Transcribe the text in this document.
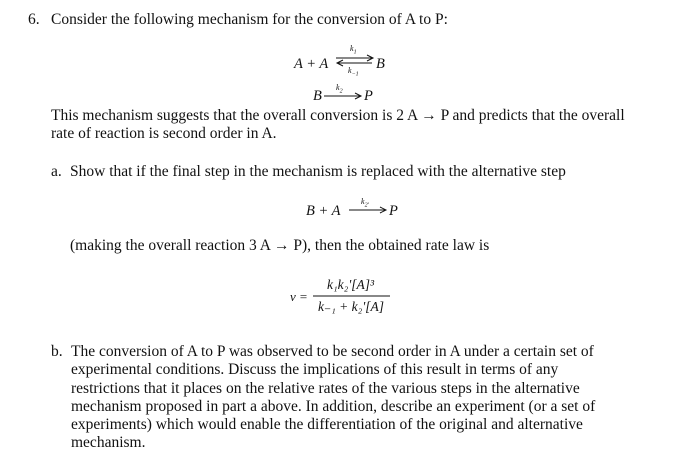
6. Consider the following mechanism for the conversion of A to P:
A + A
$k_1$
$k_{-1}$
B
B
$k_2$ P
This mechanism suggests that the overall conversion is 2 A → P and predicts that the overall
rate of reaction is second order in A.
a. Show that if the final step in the mechanism is replaced with the alternative step
B + A
$k_{2'}$ P
(making the overall reaction 3 A → P), then the obtained rate law is
v =
k₁k₂'[A]³
k₋₁ + k₂'[A]
b. The conversion of A to P was observed to be second order in A under a certain set of
experimental conditions. Discuss the implications of this result in terms of any
restrictions that it places on the relative rates of the various steps in the alternative
mechanism proposed in part a above. In addition, describe an experiment (or a set of
experiments) which would enable the differentiation of the original and alternative
mechanism.
